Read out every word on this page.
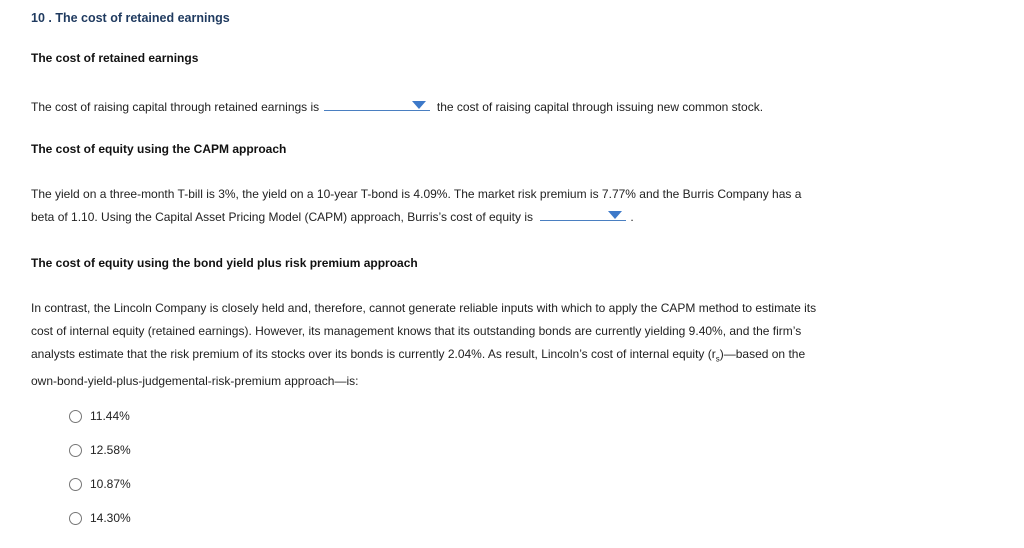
10 . The cost of retained earnings
The cost of retained earnings
The cost of raising capital through retained earnings is	the cost of raising capital through issuing new common stock.
The cost of equity using the CAPM approach
The yield on a three-month T-bill is 3%, the yield on a 10-year T-bond is 4.09%. The market risk premium is 7.77% and the Burris Company has a
beta of 1.10. Using the Capital Asset Pricing Model (CAPM) approach, Burris’s cost of equity is	.
The cost of equity using the bond yield plus risk premium approach
In contrast, the Lincoln Company is closely held and, therefore, cannot generate reliable inputs with which to apply the CAPM method to estimate its
cost of internal equity (retained earnings). However, its management knows that its outstanding bonds are currently yielding 9.40%, and the firm’s
analysts estimate that the risk premium of its stocks over its bonds is currently 2.04%. As result, Lincoln’s cost of internal equity $(r_s)—based$ on the
own-bond-yield-plus-judgemental-risk-premium approach—is:
11.44%
12.58%
10.87%
14.30%
